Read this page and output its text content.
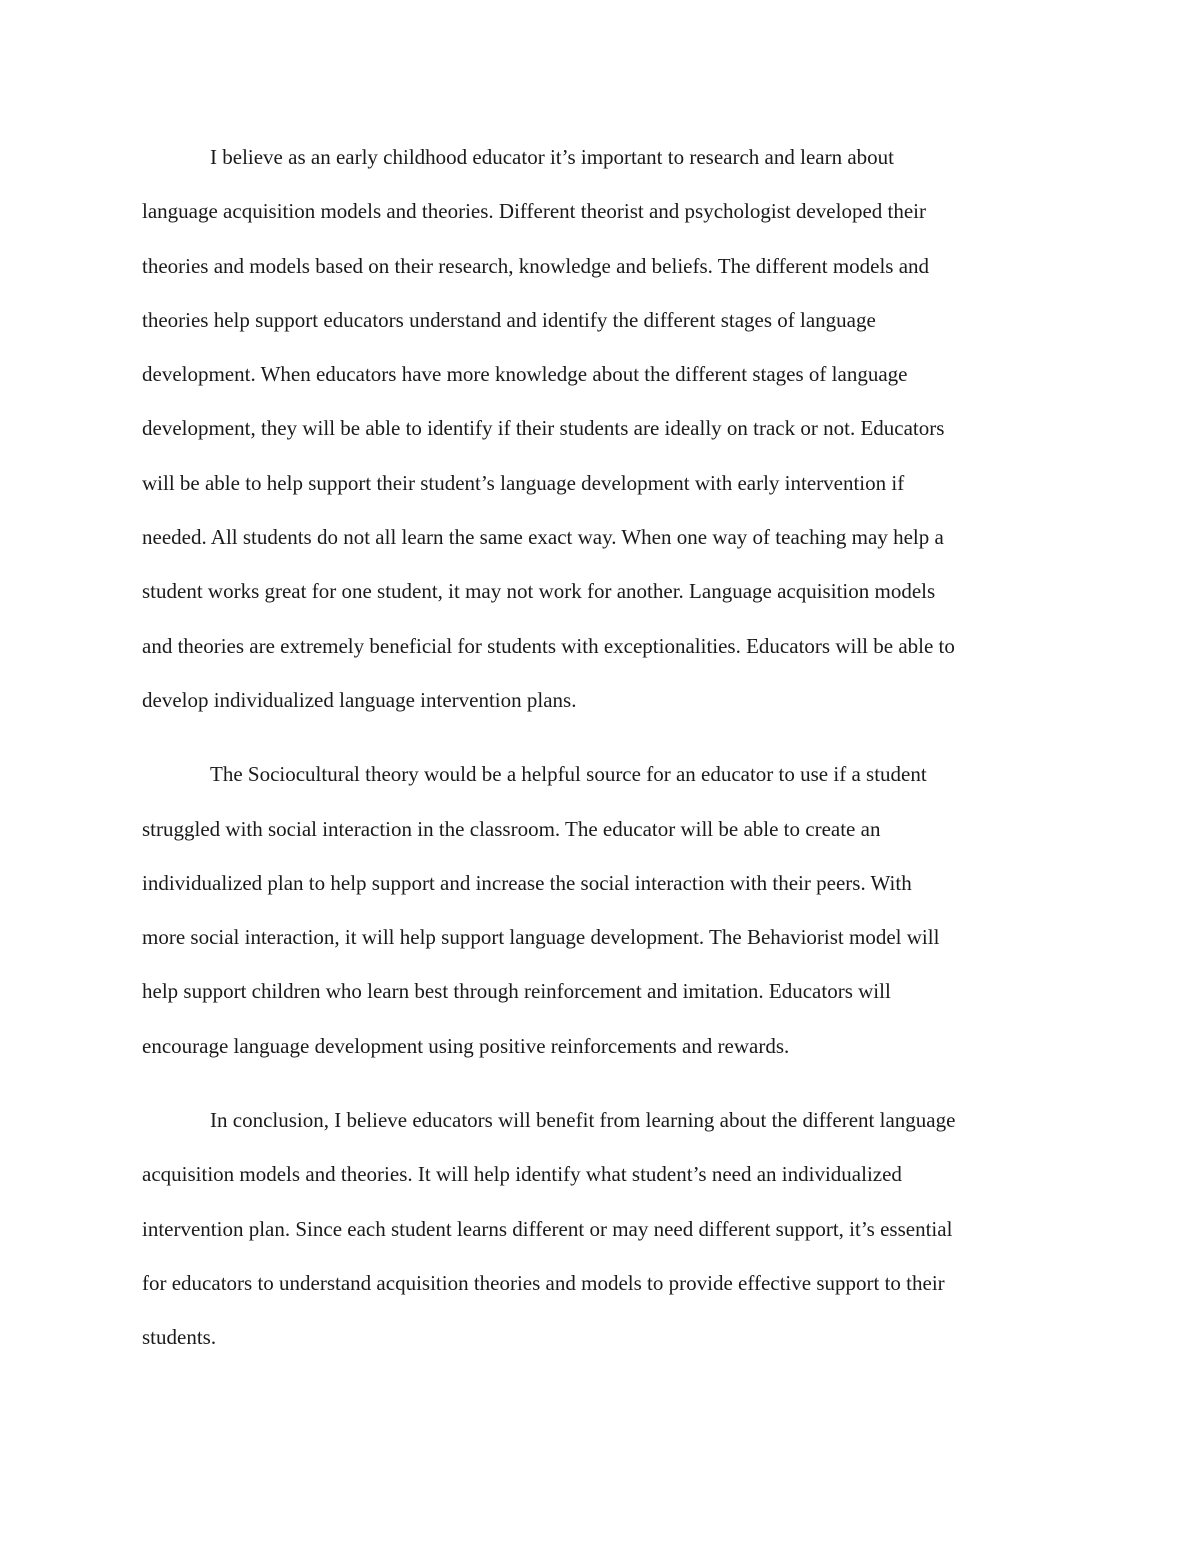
I believe as an early childhood educator it’s important to research and learn about
language acquisition models and theories. Different theorist and psychologist developed their
theories and models based on their research, knowledge and beliefs. The different models and
theories help support educators understand and identify the different stages of language
development. When educators have more knowledge about the different stages of language
development, they will be able to identify if their students are ideally on track or not. Educators
will be able to help support their student’s language development with early intervention if
needed. All students do not all learn the same exact way. When one way of teaching may help a
student works great for one student, it may not work for another. Language acquisition models
and theories are extremely beneficial for students with exceptionalities. Educators will be able to
develop individualized language intervention plans.
The Sociocultural theory would be a helpful source for an educator to use if a student
struggled with social interaction in the classroom. The educator will be able to create an
individualized plan to help support and increase the social interaction with their peers. With
more social interaction, it will help support language development. The Behaviorist model will
help support children who learn best through reinforcement and imitation. Educators will
encourage language development using positive reinforcements and rewards.
In conclusion, I believe educators will benefit from learning about the different language
acquisition models and theories. It will help identify what student’s need an individualized
intervention plan. Since each student learns different or may need different support, it’s essential
for educators to understand acquisition theories and models to provide effective support to their
students.
